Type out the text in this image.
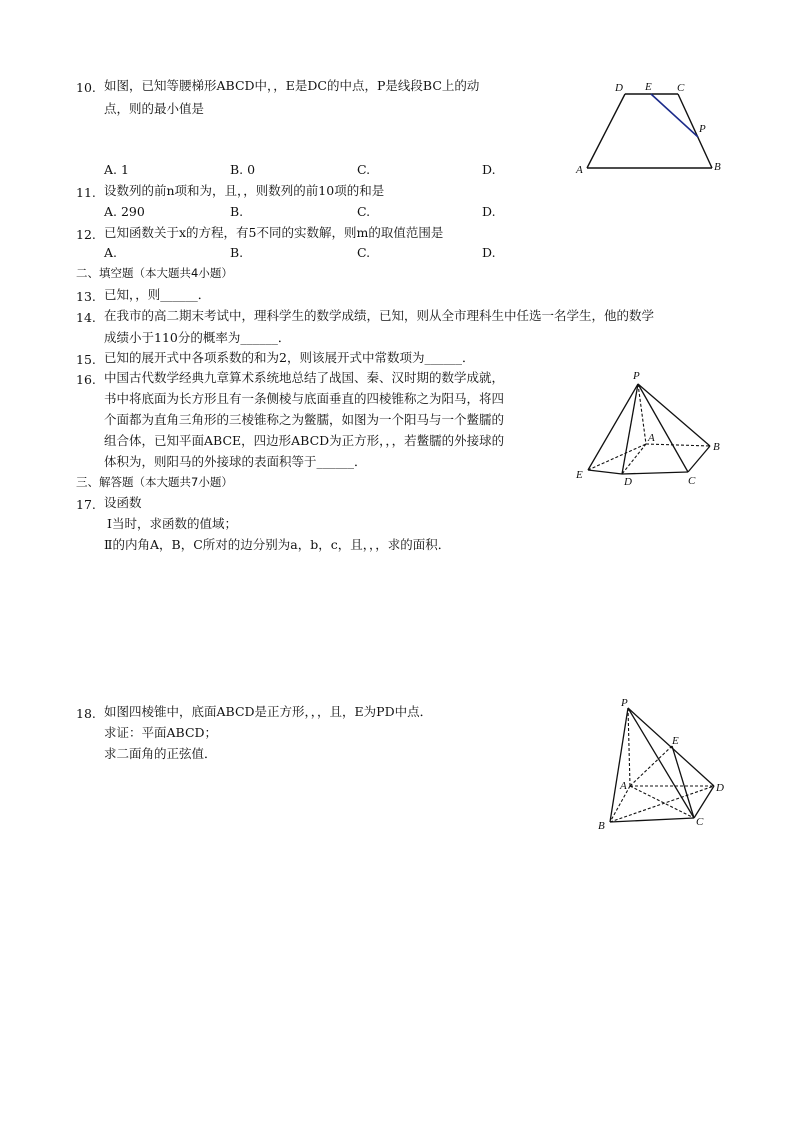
10. 如图，已知等腰梯形ABCD中，，E是DC的中点，P是线段BC上的动
点，则的最小值是
A. 1	B. 0	C.	D.
D E C
P
A	B
11. 设数列的前n项和为，且，，则数列的前10项的和是
A. 290	B.	C.	D.
12. 已知函数关于x的方程，有5不同的实数解，则m的取值范围是
A.	B.	C.	D.
二、填空题（本大题共4小题）
13. 已知，，则______．
14. 在我市的高二期末考试中，理科学生的数学成绩，已知，则从全市理科生中任选一名学生，他的数学
成绩小于110分的概率为______．
15. 已知的展开式中各项系数的和为2，则该展开式中常数项为______．
16. 中国古代数学经典九章算术系统地总结了战国、秦、汉时期的数学成就，
书中将底面为长方形且有一条侧棱与底面垂直的四棱锥称之为阳马，将四
个面都为直角三角形的三棱锥称之为鳖臑，如图为一个阳马与一个鳖臑的
组合体，已知平面ABCE，四边形ABCD为正方形，，，若鳖臑的外接球的
体积为，则阳马的外接球的表面积等于______．
P
A
B
E
D	C
三、解答题（本大题共7小题）
17. 设函数
Ⅰ当时，求函数的值域；
Ⅱ的内角A，B，C所对的边分别为a，b，c，且，，，求的面积．
18. 如图四棱锥中，底面ABCD是正方形，，，且，E为PD中点．
求证：平面ABCD；
求二面角的正弦值．
P
E
A	D
B	C
